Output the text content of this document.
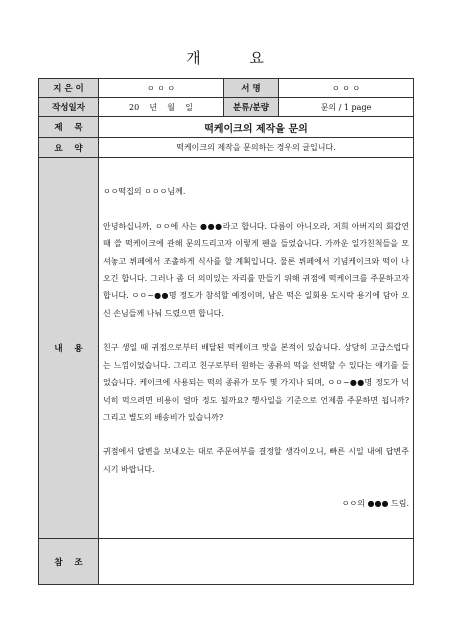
개 요
지 은 이	ㅇ ㅇ ㅇ	서 명	ㅇ ㅇ ㅇ
작성일자	20    년    월    일	분류/분량	문의 / 1 page
제    목	떡케이크의 제작을 문의		
요    약	떡케이크의 제작을 문의하는 경우의 글입니다.		
내    용	ㅇㅇ떡집의 ㅇㅇㅇ님께.

안녕하십니까, ㅇㅇ에 사는 ●●●라고 합니다. 다름이 아니오라, 저희 아버지의 회갑연 때 쓸 떡케이크에 관해 문의드리고자 이렇게 펜을 들었습니다. 가까운 일가친척들을 모셔놓고 뷔페에서 조촐하게 식사를 할 계획입니다. 물론 뷔페에서 기념케이크와 떡이 나오긴 합니다. 그러나 좀 더 의미있는 자리를 만들기 위해 귀점에 떡케이크를 주문하고자 합니다. ㅇㅇ~●●명 정도가 참석할 예정이며, 남은 떡은 일회용 도시락 용기에 담아 오신 손님들께 나눠 드렸으면 합니다.

친구 생일 때 귀점으로부터 배달된 떡케이크 맛을 본적이 있습니다. 상당히 고급스럽다는 느낌이었습니다. 그리고 친구로부터 원하는 종류의 떡을 선택할 수 있다는 얘기를 들었습니다. 케이크에 사용되는 떡의 종류가 모두 몇 가지나 되며, ㅇㅇ~●●명 정도가 넉넉히 먹으려면 비용이 얼마 정도 될까요? 행사일을 기준으로 언제쯤 주문하면 됩니까? 그리고 별도의 배송비가 있습니까?

귀점에서 답변을 보내오는 대로 주문여부를 결정할 생각이오니, 빠른 시일 내에 답변주시기 바랍니다.

ㅇㅇ의 ●●● 드림.		

참    조			
